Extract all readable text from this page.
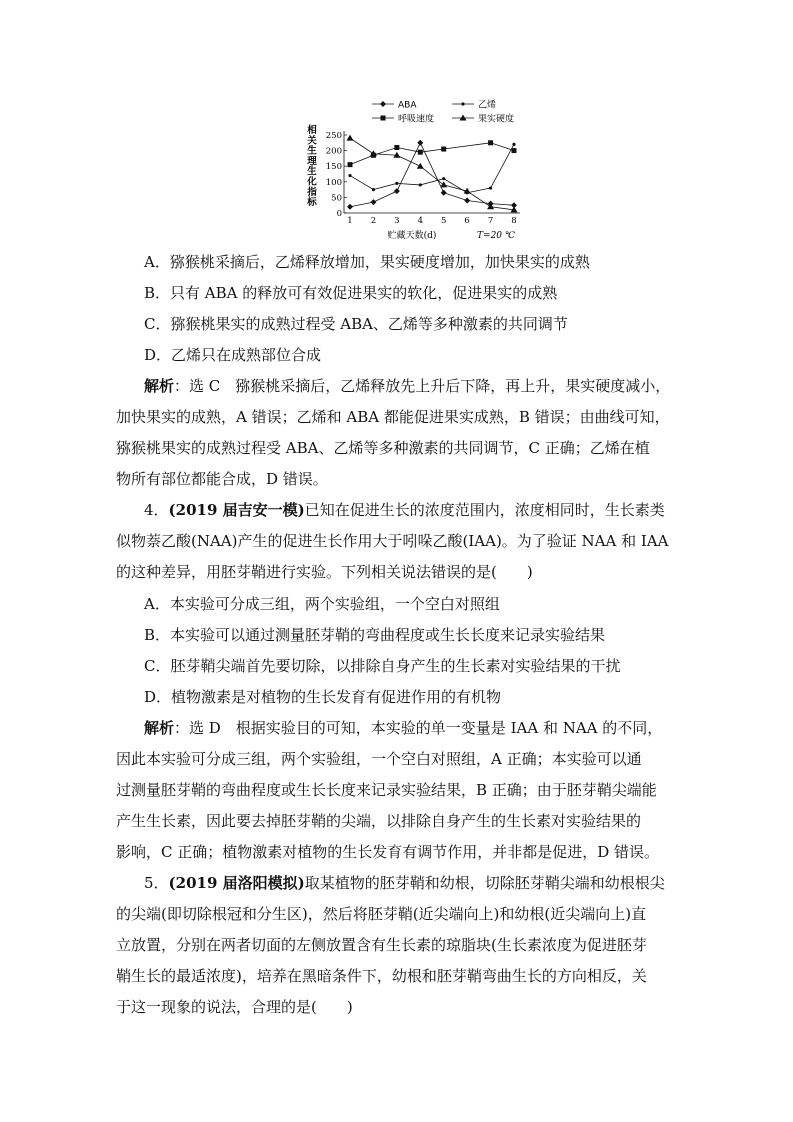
0
50
100
150
200
250
1 2 3 4 5 6 7 8
相
关
生
理
生
化
指
标
贮藏天数(d)	T=20 ℃
ABA	乙烯
呼吸速度	果实硬度
A．猕猴桃采摘后，乙烯释放增加，果实硬度增加，加快果实的成熟
B．只有 ABA 的释放可有效促进果实的软化，促进果实的成熟
C．猕猴桃果实的成熟过程受 ABA、乙烯等多种激素的共同调节
D．乙烯只在成熟部位合成
解析：选 C　猕猴桃采摘后，乙烯释放先上升后下降，再上升，果实硬度减小，
加快果实的成熟，A 错误；乙烯和 ABA 都能促进果实成熟，B 错误；由曲线可知，
猕猴桃果实的成熟过程受 ABA、乙烯等多种激素的共同调节，C 正确；乙烯在植
物所有部位都能合成，D 错误。
4．(2019 届吉安一模)已知在促进生长的浓度范围内，浓度相同时，生长素类
似物萘乙酸(NAA)产生的促进生长作用大于吲哚乙酸(IAA)。为了验证 NAA 和 IAA
的这种差异，用胚芽鞘进行实验。下列相关说法错误的是(　　)
A．本实验可分成三组，两个实验组，一个空白对照组
B．本实验可以通过测量胚芽鞘的弯曲程度或生长长度来记录实验结果
C．胚芽鞘尖端首先要切除，以排除自身产生的生长素对实验结果的干扰
D．植物激素是对植物的生长发育有促进作用的有机物
解析：选 D　根据实验目的可知，本实验的单一变量是 IAA 和 NAA 的不同，
因此本实验可分成三组，两个实验组，一个空白对照组，A 正确；本实验可以通
过测量胚芽鞘的弯曲程度或生长长度来记录实验结果，B 正确；由于胚芽鞘尖端能
产生生长素，因此要去掉胚芽鞘的尖端，以排除自身产生的生长素对实验结果的
影响，C 正确；植物激素对植物的生长发育有调节作用，并非都是促进，D 错误。
5．(2019 届洛阳模拟)取某植物的胚芽鞘和幼根，切除胚芽鞘尖端和幼根根尖
的尖端(即切除根冠和分生区)，然后将胚芽鞘(近尖端向上)和幼根(近尖端向上)直
立放置，分别在两者切面的左侧放置含有生长素的琼脂块(生长素浓度为促进胚芽
鞘生长的最适浓度)，培养在黑暗条件下，幼根和胚芽鞘弯曲生长的方向相反，关
于这一现象的说法，合理的是(　　)
